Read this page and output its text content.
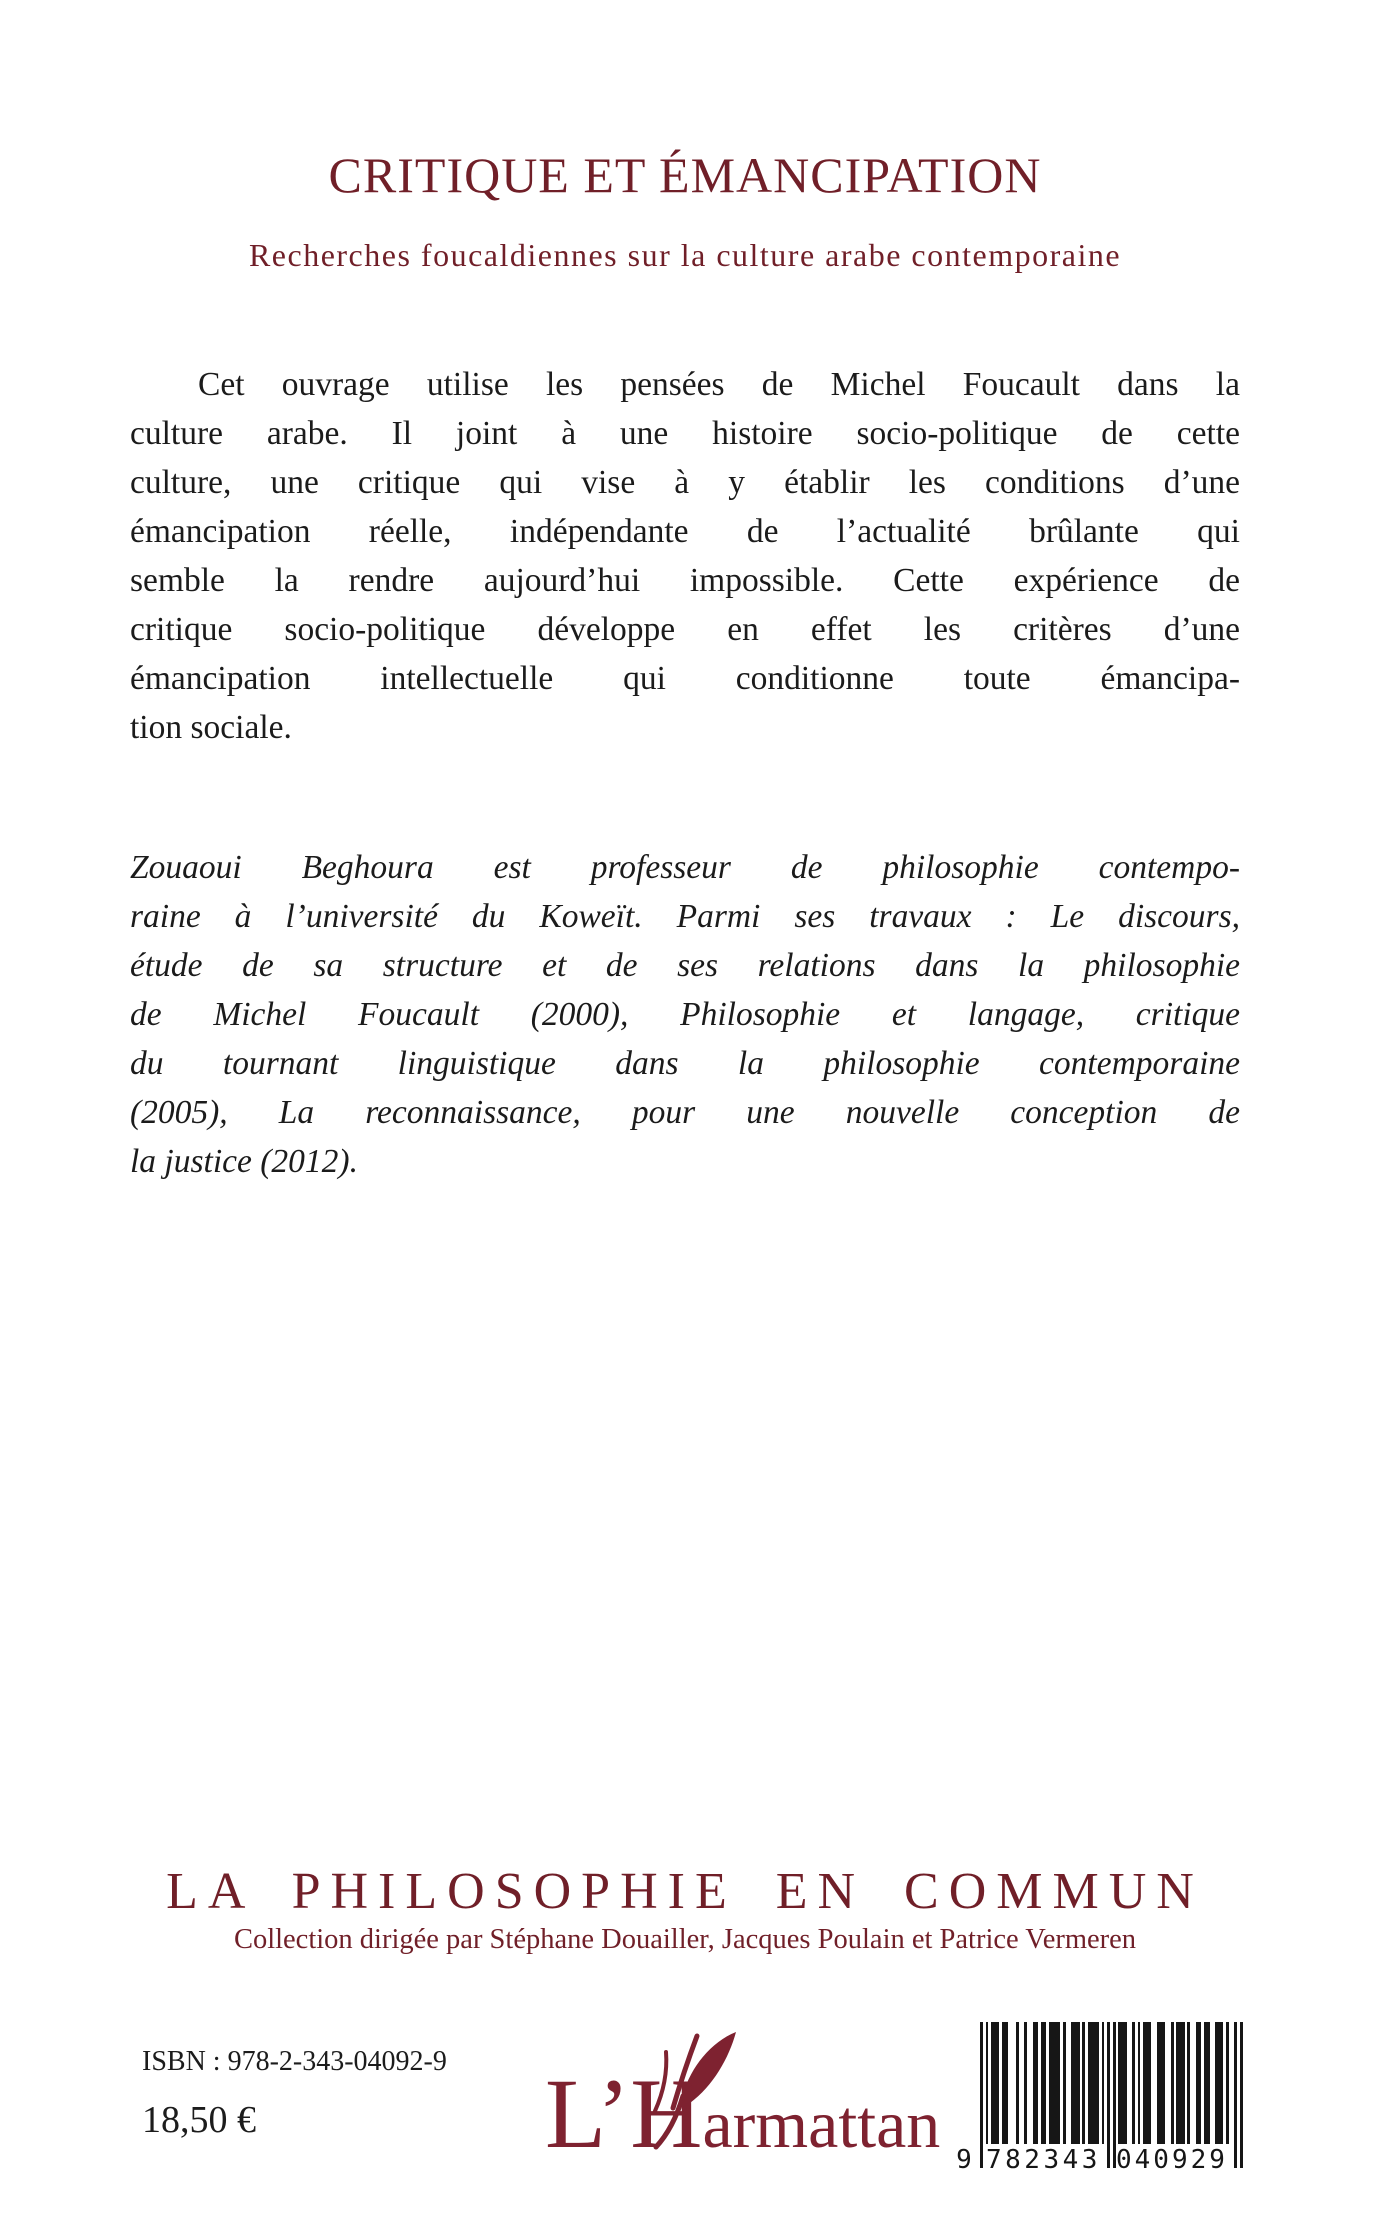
CRITIQUE ET ÉMANCIPATION
Recherches foucaldiennes sur la culture arabe contemporaine
Cet ouvrage utilise les pensées de Michel Foucault dans la
culture arabe. Il joint à une histoire socio-politique de cette
culture, une critique qui vise à y établir les conditions d’une
émancipation réelle, indépendante de l’actualité brûlante qui
semble la rendre aujourd’hui impossible. Cette expérience de
critique socio-politique développe en effet les critères d’une
émancipation intellectuelle qui conditionne toute émancipa-
tion sociale.
Zouaoui Beghoura est professeur de philosophie contempo-
raine à l’université du Koweït. Parmi ses travaux : Le discours,
étude de sa structure et de ses relations dans la philosophie
de Michel Foucault (2000), Philosophie et langage, critique
du tournant linguistique dans la philosophie contemporaine
(2005), La reconnaissance, pour une nouvelle conception de
la justice (2012).
LA PHILOSOPHIE EN COMMUN
Collection dirigée par Stéphane Douailler, Jacques Poulain et Patrice Vermeren
ISBN : 978-2-343-04092-9
18,50 €	L’Harmattan 9 782343 040929
